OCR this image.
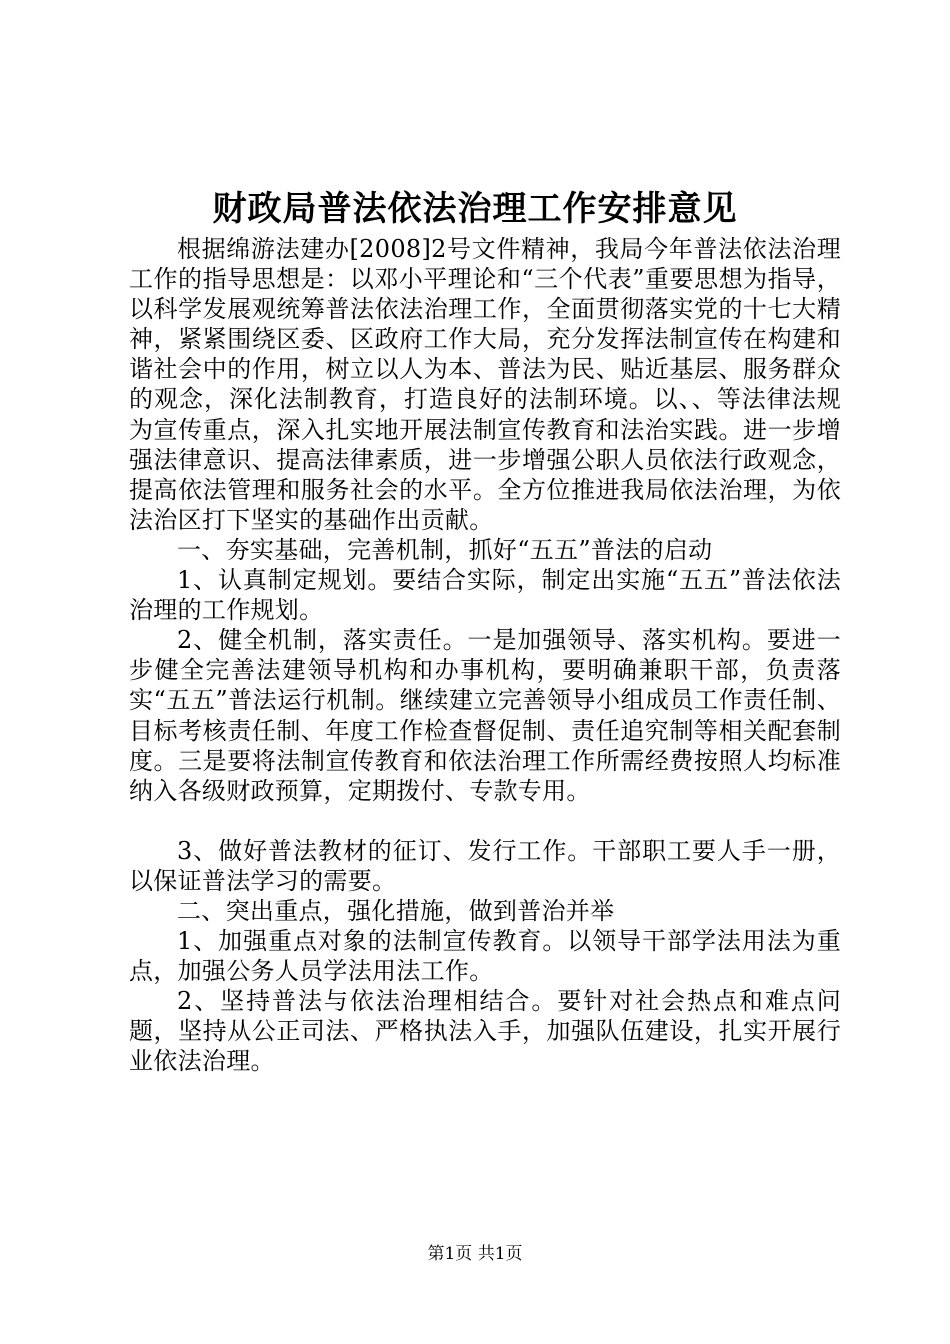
财政局普法依法治理工作安排意见

根据绵游法建办[2008]2号文件精神，我局今年普法依法治理工作的指导思想是：以邓小平理论和“三个代表”重要思想为指导，以科学发展观统筹普法依法治理工作，全面贯彻落实党的十七大精神，紧紧围绕区委、区政府工作大局，充分发挥法制宣传在构建和谐社会中的作用，树立以人为本、普法为民、贴近基层、服务群众的观念，深化法制教育，打造良好的法制环境。以、、等法律法规为宣传重点，深入扎实地开展法制宣传教育和法治实践。进一步增强法律意识、提高法律素质，进一步增强公职人员依法行政观念，提高依法管理和服务社会的水平。全方位推进我局依法治理，为依法治区打下坚实的基础作出贡献。

一、夯实基础，完善机制，抓好“五五”普法的启动

1、认真制定规划。要结合实际，制定出实施“五五”普法依法治理的工作规划。

2、健全机制，落实责任。一是加强领导、落实机构。要进一步健全完善法建领导机构和办事机构，要明确兼职干部，负责落实“五五”普法运行机制。继续建立完善领导小组成员工作责任制、目标考核责任制、年度工作检查督促制、责任追究制等相关配套制度。三是要将法制宣传教育和依法治理工作所需经费按照人均标准纳入各级财政预算，定期拨付、专款专用。

3、做好普法教材的征订、发行工作。干部职工要人手一册，以保证普法学习的需要。

二、突出重点，强化措施，做到普治并举

1、加强重点对象的法制宣传教育。以领导干部学法用法为重点，加强公务人员学法用法工作。

2、坚持普法与依法治理相结合。要针对社会热点和难点问题，坚持从公正司法、严格执法入手，加强队伍建设，扎实开展行业依法治理。

第1页 共1页
